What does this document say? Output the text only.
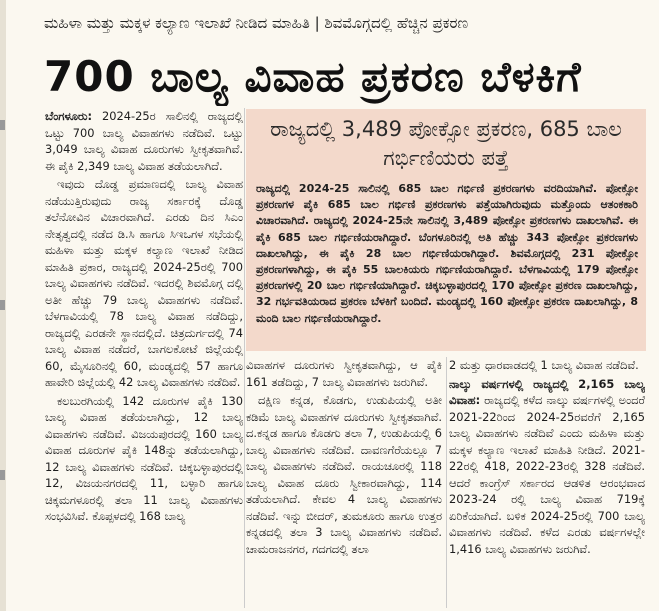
ಮಹಿಳಾ ಮತ್ತು ಮಕ್ಕಳ ಕಲ್ಯಾಣ ಇಲಾಖೆ ನೀಡಿದ ಮಾಹಿತಿ | ಶಿವಮೊಗ್ಗದಲ್ಲಿ ಹೆಚ್ಚಿನ ಪ್ರಕರಣ
700 ಬಾಲ್ಯ ವಿವಾಹ ಪ್ರಕರಣ ಬೆಳಕಿಗೆ

ಬೆಂಗಳೂರು: 2024-25ರ ಸಾಲಿನಲ್ಲಿ ರಾಜ್ಯದಲ್ಲಿ ಒಟ್ಟು 700 ಬಾಲ್ಯ ವಿವಾಹಗಳು ನಡೆದಿವೆ. ಒಟ್ಟು 3,049 ಬಾಲ್ಯ ವಿವಾಹ ದೂರುಗಳು ಸ್ವೀಕೃತವಾಗಿವೆ. ಈ ಪೈಕಿ 2,349 ಬಾಲ್ಯ ವಿವಾಹ ತಡೆಯಲಾಗಿದೆ.

ಇವುದು ದೊಡ್ಡ ಪ್ರಮಾಣದಲ್ಲಿ ಬಾಲ್ಯ ವಿವಾಹ ನಡೆಯುತ್ತಿರುವುದು ರಾಜ್ಯ ಸರ್ಕಾರಕ್ಕೆ ದೊಡ್ಡ ತಲೆನೋವಿನ ವಿಚಾರವಾಗಿದೆ. ಎರಡು ದಿನ ಸಿಎಂ ನೇತೃತ್ವದಲ್ಲಿ ನಡೆದ ಡಿ.ಸಿ ಹಾಗೂ ಸಿಇಒಗಳ ಸಭೆಯಲ್ಲಿ ಮಹಿಳಾ ಮತ್ತು ಮಕ್ಕಳ ಕಲ್ಯಾಣ ಇಲಾಖೆ ನೀಡಿದ ಮಾಹಿತಿ ಪ್ರಕಾರ, ರಾಜ್ಯದಲ್ಲಿ 2024-25ರಲ್ಲಿ 700 ಬಾಲ್ಯ ವಿವಾಹಗಳು ನಡೆದಿವೆ. ಇದರಲ್ಲಿ ಶಿವಮೊಗ್ಗ ದಲ್ಲಿ ಅತೀ ಹೆಚ್ಚು 79 ಬಾಲ್ಯ ವಿವಾಹಗಳು ನಡೆದಿವೆ. ಬೆಳಗಾವಿಯಲ್ಲಿ 78 ಬಾಲ್ಯ ವಿವಾಹ ನಡೆದಿದ್ದು, ರಾಜ್ಯದಲ್ಲಿ ಎರಡನೇ ಸ್ಥಾನದಲ್ಲಿದೆ. ಚಿತ್ರದುರ್ಗದಲ್ಲಿ 74 ಬಾಲ್ಯ ವಿವಾಹ ನಡೆದರೆ, ಬಾಗಲಕೋಟೆ ಜಿಲ್ಲೆಯಲ್ಲಿ 60, ಮೈಸೂರಿನಲ್ಲಿ 60, ಮಂಡ್ಯದಲ್ಲಿ 57 ಹಾಗೂ ಹಾವೇರಿ ಜಿಲ್ಲೆಯಲ್ಲಿ 42 ಬಾಲ್ಯ ವಿವಾಹಗಳು ನಡೆದಿವೆ.

ಕಲಬುರಗಿಯಲ್ಲಿ 142 ದೂರುಗಳ ಪೈಕಿ 130 ಬಾಲ್ಯ ವಿವಾಹ ತಡೆಯಲಾಗಿದ್ದು, 12 ಬಾಲ್ಯ ವಿವಾಹಗಳು ನಡೆದಿವೆ. ವಿಜಯಪುರದಲ್ಲಿ 160 ಬಾಲ್ಯ ವಿವಾಹ ದೂರುಗಳ ಪೈಕಿ 148ನ್ನು ತಡೆಯಲಾಗಿದ್ದು, 12 ಬಾಲ್ಯ ವಿವಾಹಗಳು ನಡೆದಿವೆ. ಚಿಕ್ಕಬಳ್ಳಾಪುರದಲ್ಲಿ 12, ವಿಜಯನಗರದಲ್ಲಿ 11, ಬಳ್ಳಾರಿ ಹಾಗೂ ಚಿಕ್ಕಮಗಳೂರಲ್ಲಿ ತಲಾ 11 ಬಾಲ್ಯ ವಿವಾಹಗಳು ಸಂಭವಿಸಿವೆ. ಕೊಪ್ಪಳದಲ್ಲಿ 168 ಬಾಲ್ಯ

ರಾಜ್ಯದಲ್ಲಿ 3,489 ಪೋಕ್ಸೋ ಪ್ರಕರಣ, 685 ಬಾಲ ಗರ್ಭಿಣಿಯರು ಪತ್ತೆ
ರಾಜ್ಯದಲ್ಲಿ 2024-25 ಸಾಲಿನಲ್ಲಿ 685 ಬಾಲ ಗರ್ಭಿಣಿ ಪ್ರಕರಣಗಳು ವರದಿಯಾಗಿವೆ. ಪೋಕ್ಸೋ ಪ್ರಕರಣಗಳ ಪೈಕಿ 685 ಬಾಲ ಗರ್ಭಿಣಿ ಪ್ರಕರಣಗಳು ಪತ್ತೆಯಾಗಿರುವುದು ಮತ್ತೊಂದು ಆತಂಕಕಾರಿ ವಿಚಾರವಾಗಿದೆ. ರಾಜ್ಯದಲ್ಲಿ 2024-25ನೇ ಸಾಲಿನಲ್ಲಿ 3,489 ಪೋಕ್ಸೋ ಪ್ರಕರಣಗಳು ದಾಖಲಾಗಿವೆ. ಈ ಪೈಕಿ 685 ಬಾಲ ಗರ್ಭಿಣಿಯರಾಗಿದ್ದಾರೆ. ಬೆಂಗಳೂರಿನಲ್ಲಿ ಅತಿ ಹೆಚ್ಚು 343 ಪೋಕ್ಸೋ ಪ್ರಕರಣಗಳು ದಾಖಲಾಗಿದ್ದು, ಈ ಪೈಕಿ 28 ಬಾಲ ಗರ್ಭಿಣಿಯರಾಗಿದ್ದಾರೆ. ಶಿವಮೊಗ್ಗದಲ್ಲಿ 231 ಪೋಕ್ಸೋ ಪ್ರಕರಣಗಳಾಗಿದ್ದು, ಈ ಪೈಕಿ 55 ಬಾಲಕಿಯರು ಗರ್ಭಿಣಿಯರಾಗಿದ್ದಾರೆ. ಬೆಳಗಾವಿಯಲ್ಲಿ 179 ಪೋಕ್ಸೋ ಪ್ರಕರಣಗಳಲ್ಲಿ 20 ಬಾಲ ಗರ್ಭಿಣಿಯಾಗಿದ್ದಾರೆ. ಚಿಕ್ಕಬಳ್ಳಾಪುರದಲ್ಲಿ 170 ಪೋಕ್ಸೋ ಪ್ರಕರಣ ದಾಖಲಾಗಿದ್ದು, 32 ಗರ್ಭವತಿಯರಾದ ಪ್ರಕರಣ ಬೆಳಕಿಗೆ ಬಂದಿದೆ. ಮಂಡ್ಯದಲ್ಲಿ 160 ಪೋಕ್ಸೋ ಪ್ರಕರಣ ದಾಖಲಾಗಿದ್ದು, 8 ಮಂದಿ ಬಾಲ ಗರ್ಭಿಣಿಯರಾಗಿದ್ದಾರೆ.

ವಿವಾಹಗಳ ದೂರುಗಳು ಸ್ವೀಕೃತವಾಗಿದ್ದು, ಆ ಪೈಕಿ 161 ತಡೆದಿದ್ದು, 7 ಬಾಲ್ಯ ವಿವಾಹಗಳು ಜರುಗಿವೆ.

ದಕ್ಷಿಣ ಕನ್ನಡ, ಕೊಡಗು, ಉಡುಪಿಯಲ್ಲಿ ಅತೀ ಕಡಿಮೆ ಬಾಲ್ಯ ವಿವಾಹಗಳ ದೂರುಗಳು ಸ್ವೀಕೃತವಾಗಿವೆ. ದ.ಕನ್ನಡ ಹಾಗೂ ಕೊಡಗು ತಲಾ 7, ಉಡುಪಿಯಲ್ಲಿ 6 ಬಾಲ್ಯ ವಿವಾಹಗಳು ನಡೆದಿವೆ. ದಾವಣಗೆರೆಯಲ್ಲೂ 7 ಬಾಲ್ಯ ವಿವಾಹಗಳು ನಡೆದಿವೆ. ರಾಯಚೂರಲ್ಲಿ 118 ಬಾಲ್ಯ ವಿವಾಹ ದೂರು ಸ್ವೀಕಾರವಾಗಿದ್ದು, 114 ತಡೆಯಲಾಗಿದೆ. ಕೇವಲ 4 ಬಾಲ್ಯ ವಿವಾಹಗಳು ನಡೆದಿವೆ. ಇನ್ನು ಬೀದರ್, ತುಮಕೂರು ಹಾಗೂ ಉತ್ತರ ಕನ್ನಡದಲ್ಲಿ ತಲಾ 3 ಬಾಲ್ಯ ವಿವಾಹಗಳು ನಡೆದಿವೆ. ಚಾಮರಾಜನಗರ, ಗದಗದಲ್ಲಿ ತಲಾ

2 ಮತ್ತು ಧಾರವಾಡದಲ್ಲಿ 1 ಬಾಲ್ಯ ವಿವಾಹ ನಡೆದಿವೆ.

ನಾಲ್ಕು ವರ್ಷಗಳಲ್ಲಿ ರಾಜ್ಯದಲ್ಲಿ 2,165 ಬಾಲ್ಯ ವಿವಾಹ: ರಾಜ್ಯದಲ್ಲಿ ಕಳೆದ ನಾಲ್ಕು ವರ್ಷಗಳಲ್ಲಿ ಅಂದರೆ 2021-22ರಿಂದ 2024-25ರವರೆಗೆ 2,165 ಬಾಲ್ಯ ವಿವಾಹಗಳು ನಡೆದಿವೆ ಎಂದು ಮಹಿಳಾ ಮತ್ತು ಮಕ್ಕಳ ಕಲ್ಯಾಣ ಇಲಾಖೆ ಮಾಹಿತಿ ನೀಡಿದೆ. 2021-22ರಲ್ಲಿ 418, 2022-23ರಲ್ಲಿ 328 ನಡೆದಿವೆ. ಆದರೆ ಕಾಂಗ್ರೆಸ್ ಸರ್ಕಾರದ ಆಡಳಿತ ಆರಂಭವಾದ 2023-24 ರಲ್ಲಿ ಬಾಲ್ಯ ವಿವಾಹ 719ಕ್ಕೆ ಏರಿಕೆಯಾಗಿದೆ. ಬಳಿಕ 2024-25ರಲ್ಲಿ 700 ಬಾಲ್ಯ ವಿವಾಹಗಳು ನಡೆದಿವೆ. ಕಳೆದ ಎರಡು ವರ್ಷಗಳಲ್ಲೇ 1,416 ಬಾಲ್ಯ ವಿವಾಹಗಳು ಜರುಗಿವೆ.
